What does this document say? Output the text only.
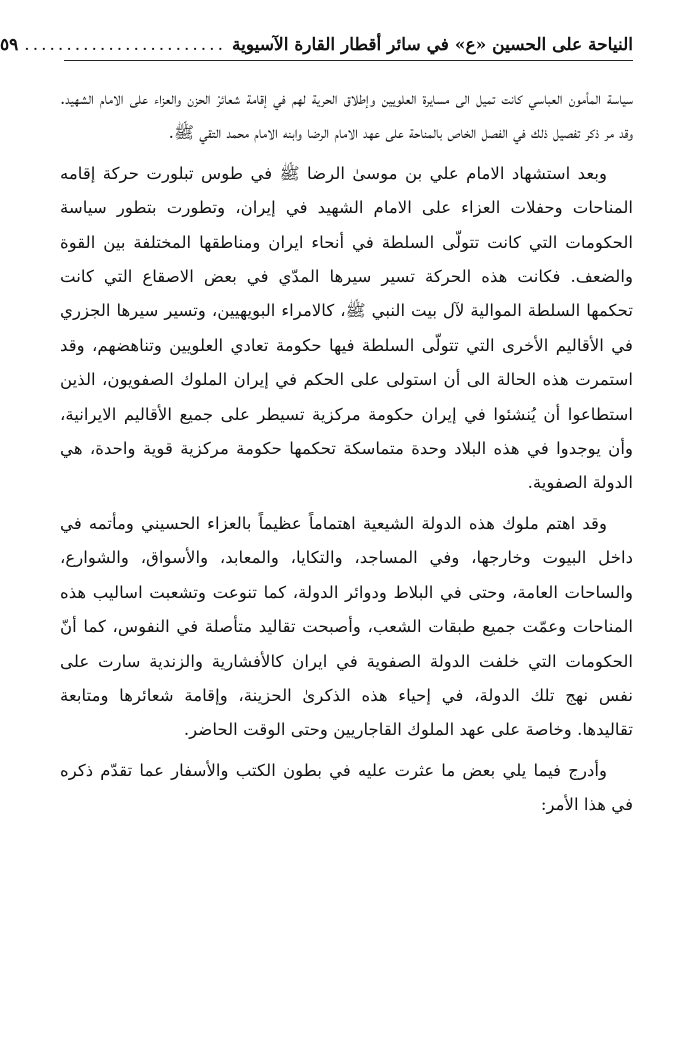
النياحة على الحسين «ع» في سائر أقطار القارة الآسيوية
........................
٥٩

سياسة المأمون العباسي كانت تميل الى مسايرة العلويين وإطلاق الحرية لهم في إقامة شعائرْ الحزن والعزاء على الامام الشهيد. وقد مر ذكر تفصيل ذلك في الفصل الخاص بالمناحة على عهد الامام الرضا وابنه الامام محمد التقي ﷺ.

وبعد استشهاد الامام علي بن موسىٰ الرضا ﷺ في طوس تبلورت حركة إقامه المناحات وحفلات العزاء على الامام الشهيد في إيران، وتطورت بتطور سياسة الحكومات التي كانت تتولّى السلطة في أنحاء ايران ومناطقها المختلفة بين القوة والضعف. فكانت هذه الحركة تسير سيرها المدّي في بعض الاصقاع التي كانت تحكمها السلطة الموالية لآل بيت النبي ﷺ، كالامراء البويهيين، وتسير سيرها الجزري في الأقاليم الأخرى التي تتولّى السلطة فيها حكومة تعادي العلويين وتناهضهم، وقد استمرت هذه الحالة الى أن استولى على الحكم في إيران الملوك الصفويون، الذين استطاعوا أن يُنشئوا في إيران حكومة مركزية تسيطر على جميع الأقاليم الايرانية، وأن يوجدوا في هذه البلاد وحدة متماسكة تحكمها حكومة مركزية قوية واحدة، هي الدولة الصفوية.

وقد اهتم ملوك هذه الدولة الشيعية اهتماماً عظيماً بالعزاء الحسيني ومأتمه في داخل البيوت وخارجها، وفي المساجد، والتكايا، والمعابد، والأسواق، والشوارع، والساحات العامة، وحتى في البلاط ودوائر الدولة، كما تنوعت وتشعبت اساليب هذه المناحات وعمّت جميع طبقات الشعب، وأصبحت تقاليد متأصلة في النفوس، كما أنّ الحكومات التي خلفت الدولة الصفوية في ايران كالأفشارية والزندية سارت على نفس نهج تلك الدولة، في إحياء هذه الذكرىٰ الحزينة، وإقامة شعائرها ومتابعة تقاليدها. وخاصة على عهد الملوك القاجاريين وحتى الوقت الحاضر.

وأدرج فيما يلي بعض ما عثرت عليه في بطون الكتب والأسفار عما تقدّم ذكره في هذا الأمر:
